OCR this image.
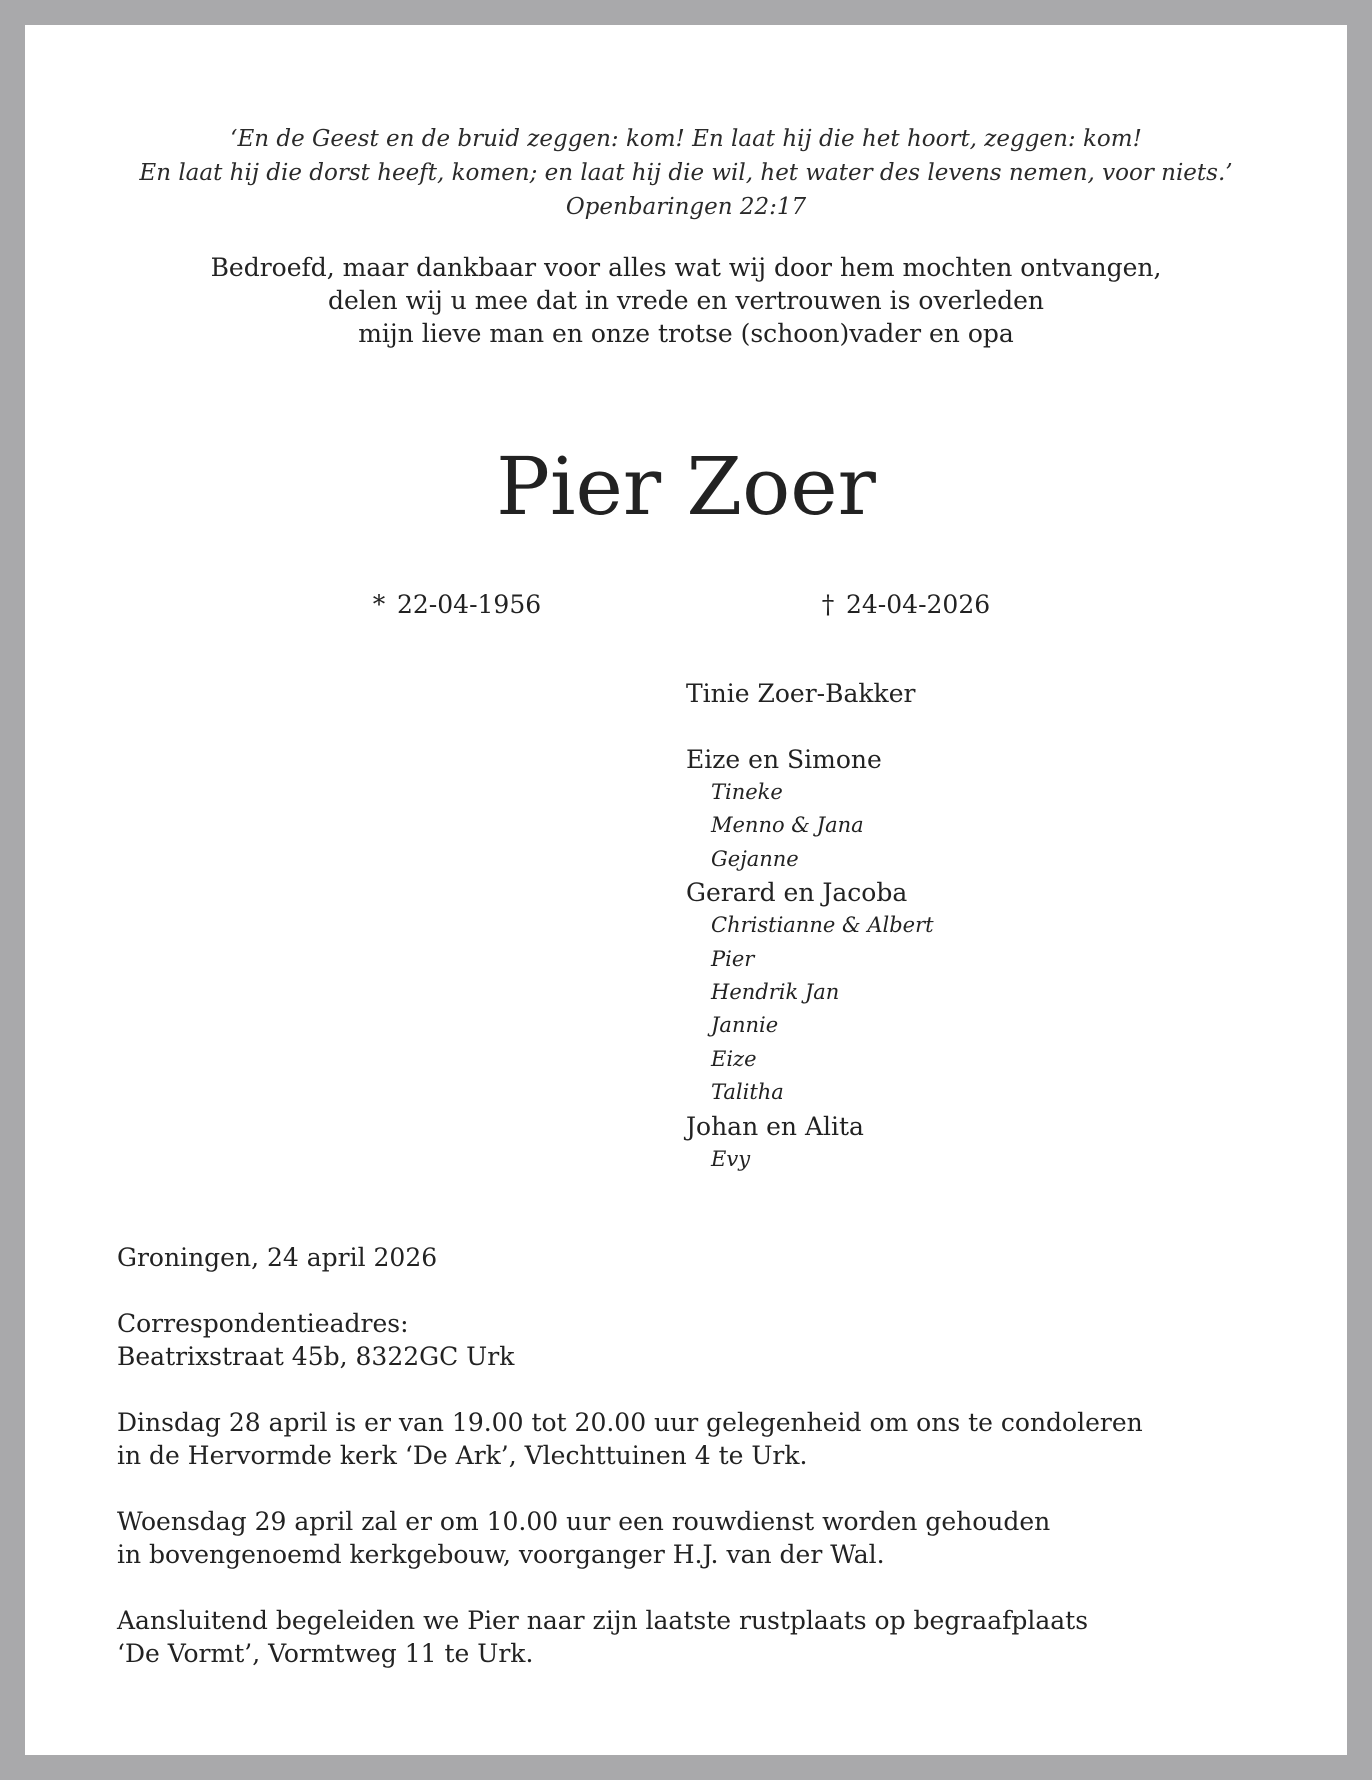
‘En de Geest en de bruid zeggen: kom! En laat hij die het hoort, zeggen: kom!

En laat hij die dorst heeft, komen; en laat hij die wil, het water des levens nemen, voor niets.’

Openbaringen 22:17

Bedroefd, maar dankbaar voor alles wat wij door hem mochten ontvangen,

delen wij u mee dat in vrede en vertrouwen is overleden

mijn lieve man en onze trotse (schoon)vader en opa

Pier Zoer
* 22-04-1956	† 24-04-2026

Tinie Zoer-Bakker

Eize en Simone

Tineke

Menno & Jana

Gejanne

Gerard en Jacoba

Christianne & Albert

Pier

Hendrik Jan

Jannie

Eize

Talitha

Johan en Alita

Evy

Groningen, 24 april 2026

Correspondentieadres:

Beatrixstraat 45b, 8322GC Urk

Dinsdag 28 april is er van 19.00 tot 20.00 uur gelegenheid om ons te condoleren

in de Hervormde kerk ‘De Ark’, Vlechttuinen 4 te Urk.

Woensdag 29 april zal er om 10.00 uur een rouwdienst worden gehouden

in bovengenoemd kerkgebouw, voorganger H.J. van der Wal.

Aansluitend begeleiden we Pier naar zijn laatste rustplaats op begraafplaats

‘De Vormt’, Vormtweg 11 te Urk.
